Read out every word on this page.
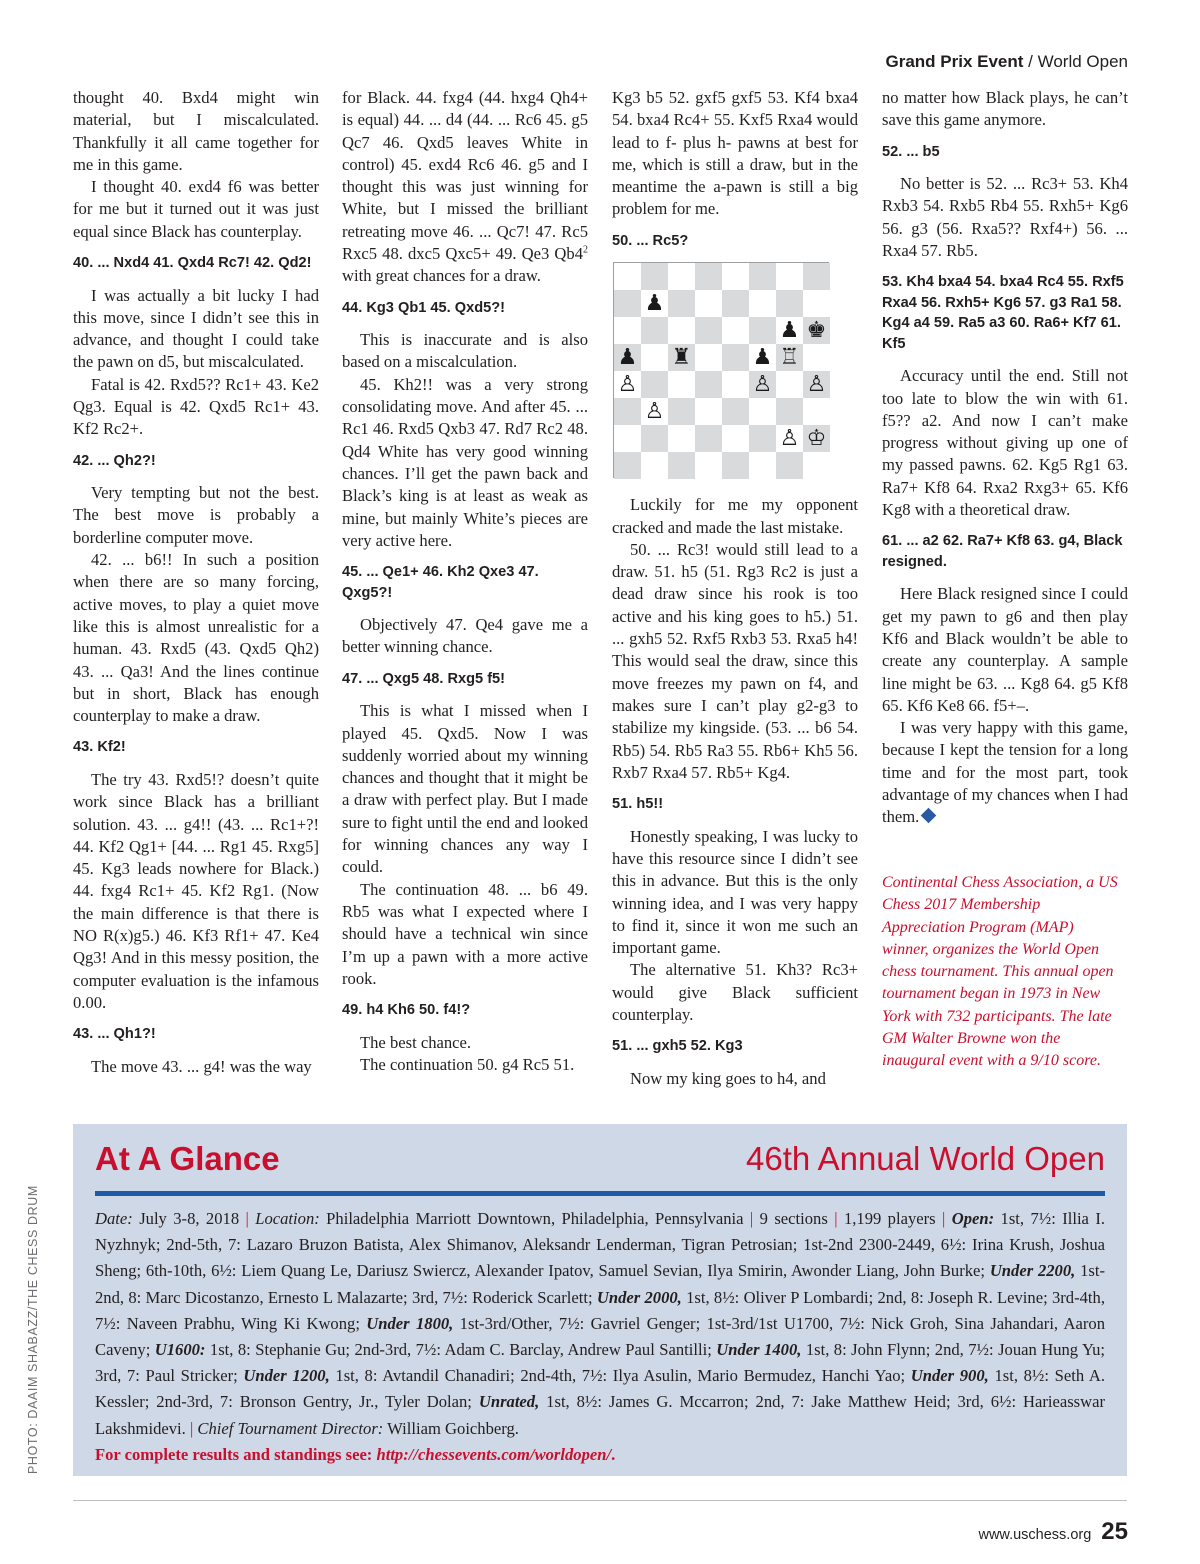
Grand Prix Event / World Open

thought 40. Bxd4 might win material, but I miscalculated. Thankfully it all came together for me in this game.

I thought 40. exd4 f6 was better for me but it turned out it was just equal since Black has counterplay.

40. ... Nxd4 41. Qxd4 Rc7! 42. Qd2!

I was actually a bit lucky I had this move, since I didn’t see this in advance, and thought I could take the pawn on d5, but miscalculated.

Fatal is 42. Rxd5?? Rc1+ 43. Ke2 Qg3. Equal is 42. Qxd5 Rc1+ 43. Kf2 Rc2+.

42. ... Qh2?!

Very tempting but not the best. The best move is probably a borderline computer move.

42. ... b6!! In such a position when there are so many forcing, active moves, to play a quiet move like this is almost unrealistic for a human. 43. Rxd5 (43. Qxd5 Qh2) 43. ... Qa3! And the lines continue but in short, Black has enough counterplay to make a draw.

43. Kf2!

The try 43. Rxd5!? doesn’t quite work since Black has a brilliant solution. 43. ... g4!! (43. ... Rc1+?! 44. Kf2 Qg1+ [44. ... Rg1 45. Rxg5] 45. Kg3 leads nowhere for Black.) 44. fxg4 Rc1+ 45. Kf2 Rg1. (Now the main difference is that there is NO R(x)g5.) 46. Kf3 Rf1+ 47. Ke4 Qg3! And in this messy position, the computer evaluation is the infamous 0.00.

43. ... Qh1?!

The move 43. ... g4! was the way

for Black. 44. fxg4 (44. hxg4 Qh4+ is equal) 44. ... d4 (44. ... Rc6 45. g5 Qc7 46. Qxd5 leaves White in control) 45. exd4 Rc6 46. g5 and I thought this was just winning for White, but I missed the brilliant retreating move 46. ... Qc7! 47. Rc5 Rxc5 48. dxc5 Qxc5+ 49. Qe3 $Qb4^2$ with great chances for a draw.

44. Kg3 Qb1 45. Qxd5?!

This is inaccurate and is also based on a miscalculation.

45. Kh2!! was a very strong consolidating move. And after 45. ... Rc1 46. Rxd5 Qxb3 47. Rd7 Rc2 48. Qd4 White has very good winning chances. I’ll get the pawn back and Black’s king is at least as weak as mine, but mainly White’s pieces are very active here.

45. ... Qe1+ 46. Kh2 Qxe3 47. Qxg5?!

Objectively 47. Qe4 gave me a better winning chance.

47. ... Qxg5 48. Rxg5 f5!

This is what I missed when I played 45. Qxd5. Now I was suddenly worried about my winning chances and thought that it might be a draw with perfect play. But I made sure to fight until the end and looked for winning chances any way I could.

The continuation 48. ... b6 49. Rb5 was what I expected where I should have a technical win since I’m up a pawn with a more active rook.

49. h4 Kh6 50. f4!?

The best chance.

The continuation 50. g4 Rc5 51.

Kg3 b5 52. gxf5 gxf5 53. Kf4 bxa4 54. bxa4 Rc4+ 55. Kxf5 Rxa4 would lead to f- plus h- pawns at best for me, which is still a draw, but in the meantime the a-pawn is still a big problem for me.

50. ... Rc5?
♟
♟ ♚
♟ ♜	♟ ♖
♙	♙ ♙
♙
♙ ♔

Luckily for me my opponent cracked and made the last mistake.

50. ... Rc3! would still lead to a draw. 51. h5 (51. Rg3 Rc2 is just a dead draw since his rook is too active and his king goes to h5.) 51. ... gxh5 52. Rxf5 Rxb3 53. Rxa5 h4! This would seal the draw, since this move freezes my pawn on f4, and makes sure I can’t play g2-g3 to stabilize my kingside. (53. ... b6 54. Rb5) 54. Rb5 Ra3 55. Rb6+ Kh5 56. Rxb7 Rxa4 57. Rb5+ Kg4.

51. h5!!

Honestly speaking, I was lucky to have this resource since I didn’t see this in advance. But this is the only winning idea, and I was very happy to find it, since it won me such an important game.

The alternative 51. Kh3? Rc3+ would give Black sufficient counterplay.

51. ... gxh5 52. Kg3

Now my king goes to h4, and

no matter how Black plays, he can’t save this game anymore.

52. ... b5

No better is 52. ... Rc3+ 53. Kh4 Rxb3 54. Rxb5 Rb4 55. Rxh5+ Kg6 56. g3 (56. Rxa5?? Rxf4+) 56. ... Rxa4 57. Rb5.

53. Kh4 bxa4 54. bxa4 Rc4 55. Rxf5 Rxa4 56. Rxh5+ Kg6 57. g3 Ra1 58. Kg4 a4 59. Ra5 a3 60. Ra6+ Kf7 61. Kf5

Accuracy until the end. Still not too late to blow the win with 61. f5?? a2. And now I can’t make progress without giving up one of my passed pawns. 62. Kg5 Rg1 63. Ra7+ Kf8 64. Rxa2 Rxg3+ 65. Kf6 Kg8 with a theoretical draw.

61. ... a2 62. Ra7+ Kf8 63. g4, Black resigned.

Here Black resigned since I could get my pawn to g6 and then play Kf6 and Black wouldn’t be able to create any counterplay. A sample line might be 63. ... Kg8 64. g5 Kf8 65. Kf6 Ke8 66. f5+–.

I was very happy with this game, because I kept the tension for a long time and for the most part, took advantage of my chances when I had them.

Continental Chess Association, a US Chess 2017 Membership Appreciation Program (MAP) winner, organizes the World Open chess tournament. This annual open tournament began in 1973 in New York with 732 participants. The late GM Walter Browne won the inaugural event with a 9/10 score.
At A Glance	46th Annual World Open
Date: July 3-8, 2018 | Location: Philadelphia Marriott Downtown, Philadelphia, Pennsylvania | 9 sections | 1,199 players | Open: 1st, 7½: Illia I. Nyzhnyk; 2nd-5th, 7: Lazaro Bruzon Batista, Alex Shimanov, Aleksandr Lenderman, Tigran Petrosian; 1st-2nd 2300-2449, 6½: Irina Krush, Joshua Sheng; 6th-10th, 6½: Liem Quang Le, Dariusz Swiercz, Alexander Ipatov, Samuel Sevian, Ilya Smirin, Awonder Liang, John Burke; Under 2200, 1st-2nd, 8: Marc Dicostanzo, Ernesto L Malazarte; 3rd, 7½: Roderick Scarlett; Under 2000, 1st, 8½: Oliver P Lombardi; 2nd, 8: Joseph R. Levine; 3rd-4th, 7½: Naveen Prabhu, Wing Ki Kwong; Under 1800, 1st-3rd/Other, 7½: Gavriel Genger; 1st-3rd/1st U1700, 7½: Nick Groh, Sina Jahandari, Aaron Caveny; U1600: 1st, 8: Stephanie Gu; 2nd-3rd, 7½: Adam C. Barclay, Andrew Paul Santilli; Under 1400, 1st, 8: John Flynn; 2nd, 7½: Jouan Hung Yu; 3rd, 7: Paul Stricker; Under 1200, 1st, 8: Avtandil Chanadiri; 2nd-4th, 7½: Ilya Asulin, Mario Bermudez, Hanchi Yao; Under 900, 1st, 8½: Seth A. Kessler; 2nd-3rd, 7: Bronson Gentry, Jr., Tyler Dolan; Unrated, 1st, 8½: James G. Mccarron; 2nd, 7: Jake Matthew Heid; 3rd, 6½: Harieasswar Lakshmidevi. | Chief Tournament Director: William Goichberg.
For complete results and standings see: http://chessevents.com/worldopen/.
PHOTO: DAAIM SHABAZZ/THE CHESS DRUM
www.uschess.org 25
